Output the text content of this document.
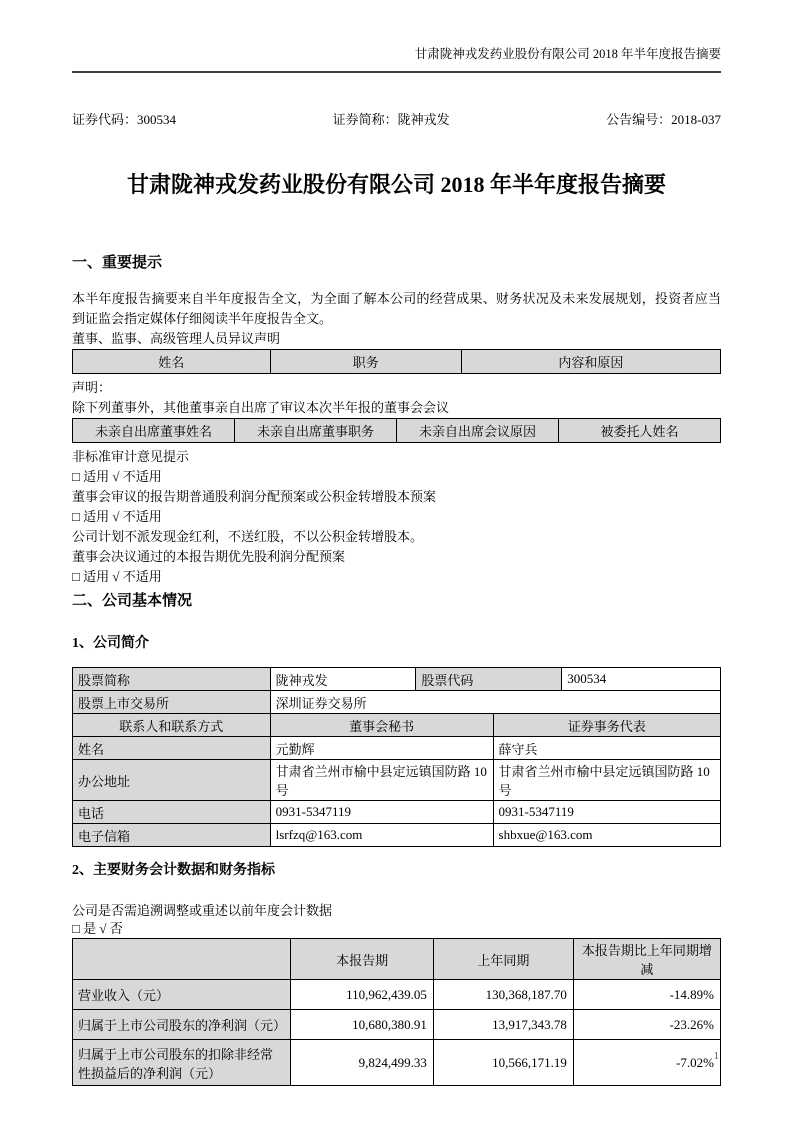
甘肃陇神戎发药业股份有限公司 2018 年半年度报告摘要
证券代码：300534	证券简称：陇神戎发	公告编号：2018-037
甘肃陇神戎发药业股份有限公司 2018 年半年度报告摘要
一、重要提示

本半年度报告摘要来自半年度报告全文，为全面了解本公司的经营成果、财务状况及未来发展规划，投资者应当到证监会指定媒体仔细阅读半年度报告全文。

董事、监事、高级管理人员异议声明

姓名	职务	内容和原因

声明：

除下列董事外，其他董事亲自出席了审议本次半年报的董事会会议

未亲自出席董事姓名	未亲自出席董事职务	未亲自出席会议原因	被委托人姓名

非标准审计意见提示

□ 适用 √ 不适用

董事会审议的报告期普通股利润分配预案或公积金转增股本预案

□ 适用 √ 不适用

公司计划不派发现金红利，不送红股，不以公积金转增股本。

董事会决议通过的本报告期优先股利润分配预案

□ 适用 √ 不适用

二、公司基本情况
1、公司简介
股票简称	陇神戎发	股票代码		300534
股票上市交易所	深圳证券交易所			
联系人和联系方式	董事会秘书		证券事务代表	
姓名	元勤辉		薛守兵	
办公地址	甘肃省兰州市榆中县定远镇国防路 10 号		甘肃省兰州市榆中县定远镇国防路 10 号	
电话	0931-5347119		0931-5347119	
电子信箱	lsrfzq@163.com		shbxue@163.com	
2、主要财务会计数据和财务指标

公司是否需追溯调整或重述以前年度会计数据

□ 是 √ 否

	本报告期	上年同期	本报告期比上年同期增减
营业收入（元）	110,962,439.05	130,368,187.70	-14.89%
归属于上市公司股东的净利润（元）	10,680,380.91	13,917,343.78	-23.26%
归属于上市公司股东的扣除非经常性损益后的净利润（元）	9,824,499.33	10,566,171.19	-7.02% 1
